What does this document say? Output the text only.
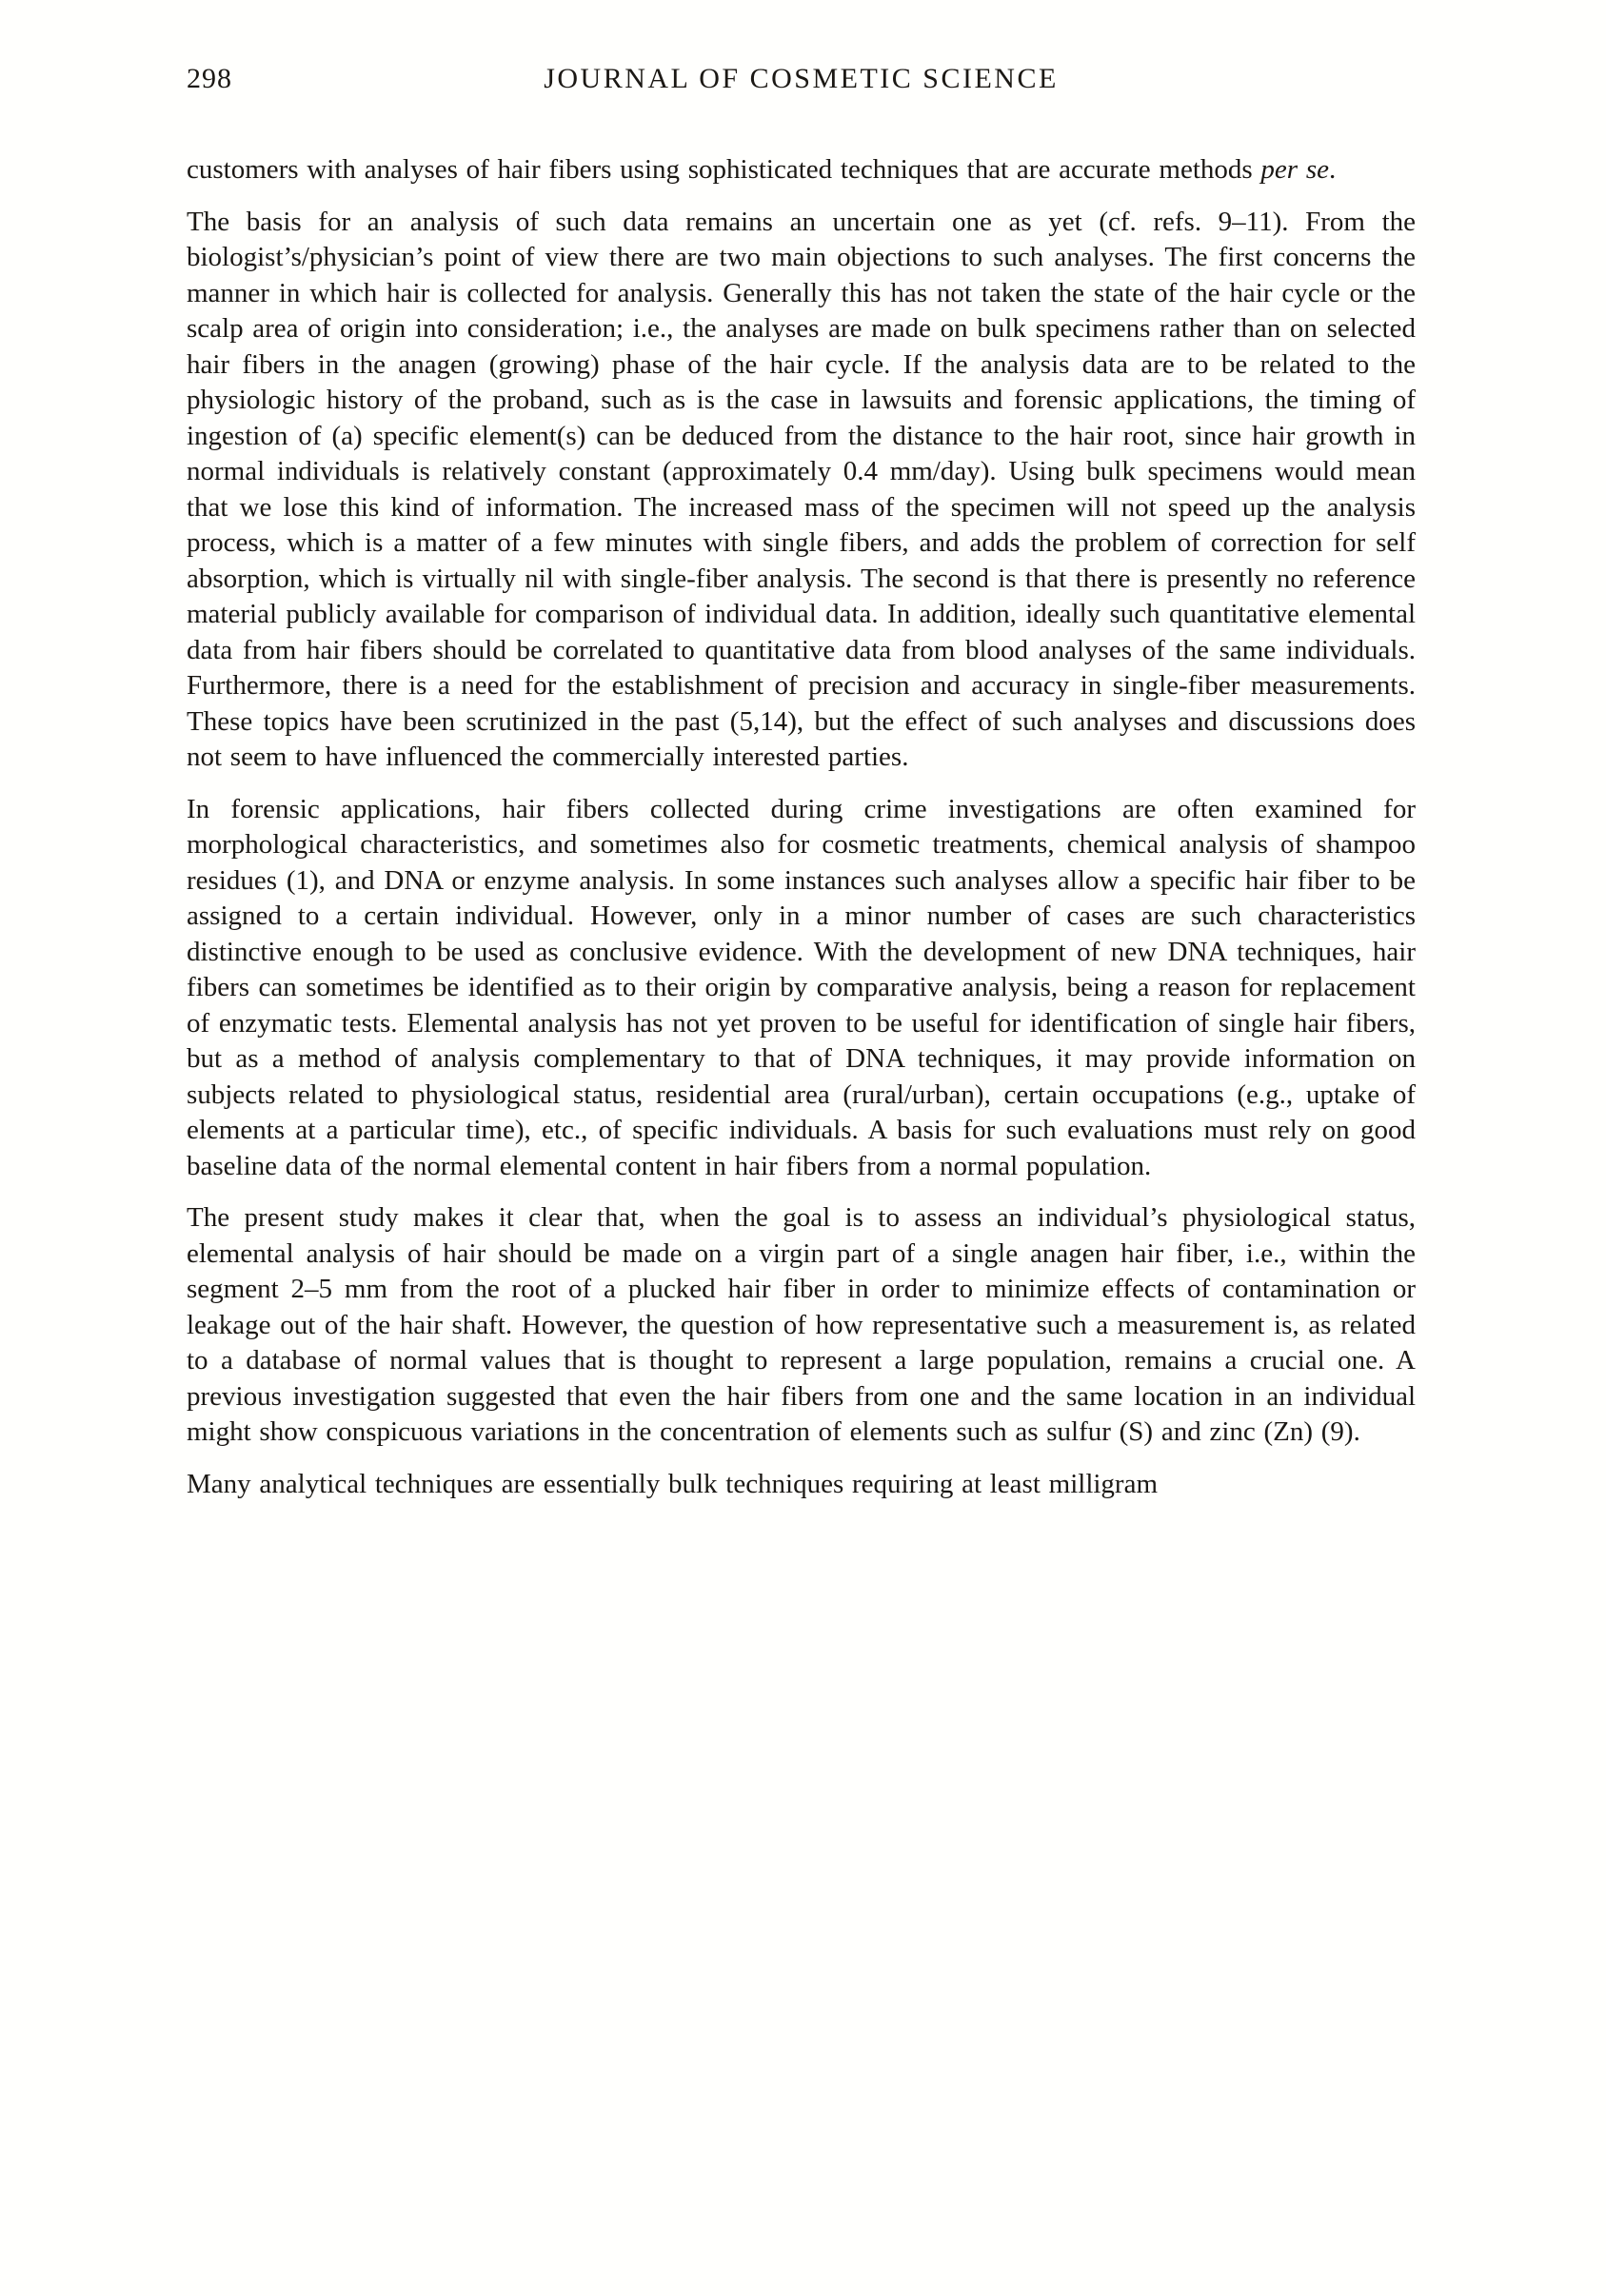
298	JOURNAL OF COSMETIC SCIENCE

customers with analyses of hair fibers using sophisticated techniques that are accurate methods per se.

The basis for an analysis of such data remains an uncertain one as yet (cf. refs. 9–11). From the biologist’s/physician’s point of view there are two main objections to such analyses. The first concerns the manner in which hair is collected for analysis. Generally this has not taken the state of the hair cycle or the scalp area of origin into consideration; i.e., the analyses are made on bulk specimens rather than on selected hair fibers in the anagen (growing) phase of the hair cycle. If the analysis data are to be related to the physiologic history of the proband, such as is the case in lawsuits and forensic applications, the timing of ingestion of (a) specific element(s) can be deduced from the distance to the hair root, since hair growth in normal individuals is relatively constant (approximately 0.4 mm/day). Using bulk specimens would mean that we lose this kind of information. The increased mass of the specimen will not speed up the analysis process, which is a matter of a few minutes with single fibers, and adds the problem of correction for self absorption, which is virtually nil with single-fiber analysis. The second is that there is presently no reference material publicly available for comparison of individual data. In addition, ideally such quantitative elemental data from hair fibers should be correlated to quantitative data from blood analyses of the same individuals. Furthermore, there is a need for the establishment of precision and accuracy in single-fiber measurements. These topics have been scrutinized in the past (5,14), but the effect of such analyses and discussions does not seem to have influenced the commercially interested parties.

In forensic applications, hair fibers collected during crime investigations are often examined for morphological characteristics, and sometimes also for cosmetic treatments, chemical analysis of shampoo residues (1), and DNA or enzyme analysis. In some instances such analyses allow a specific hair fiber to be assigned to a certain individual. However, only in a minor number of cases are such characteristics distinctive enough to be used as conclusive evidence. With the development of new DNA techniques, hair fibers can sometimes be identified as to their origin by comparative analysis, being a reason for replacement of enzymatic tests. Elemental analysis has not yet proven to be useful for identification of single hair fibers, but as a method of analysis complementary to that of DNA techniques, it may provide information on subjects related to physiological status, residential area (rural/urban), certain occupations (e.g., uptake of elements at a particular time), etc., of specific individuals. A basis for such evaluations must rely on good baseline data of the normal elemental content in hair fibers from a normal population.

The present study makes it clear that, when the goal is to assess an individual’s physiological status, elemental analysis of hair should be made on a virgin part of a single anagen hair fiber, i.e., within the segment 2–5 mm from the root of a plucked hair fiber in order to minimize effects of contamination or leakage out of the hair shaft. However, the question of how representative such a measurement is, as related to a database of normal values that is thought to represent a large population, remains a crucial one. A previous investigation suggested that even the hair fibers from one and the same location in an individual might show conspicuous variations in the concentration of elements such as sulfur (S) and zinc (Zn) (9).

Many analytical techniques are essentially bulk techniques requiring at least milligram
